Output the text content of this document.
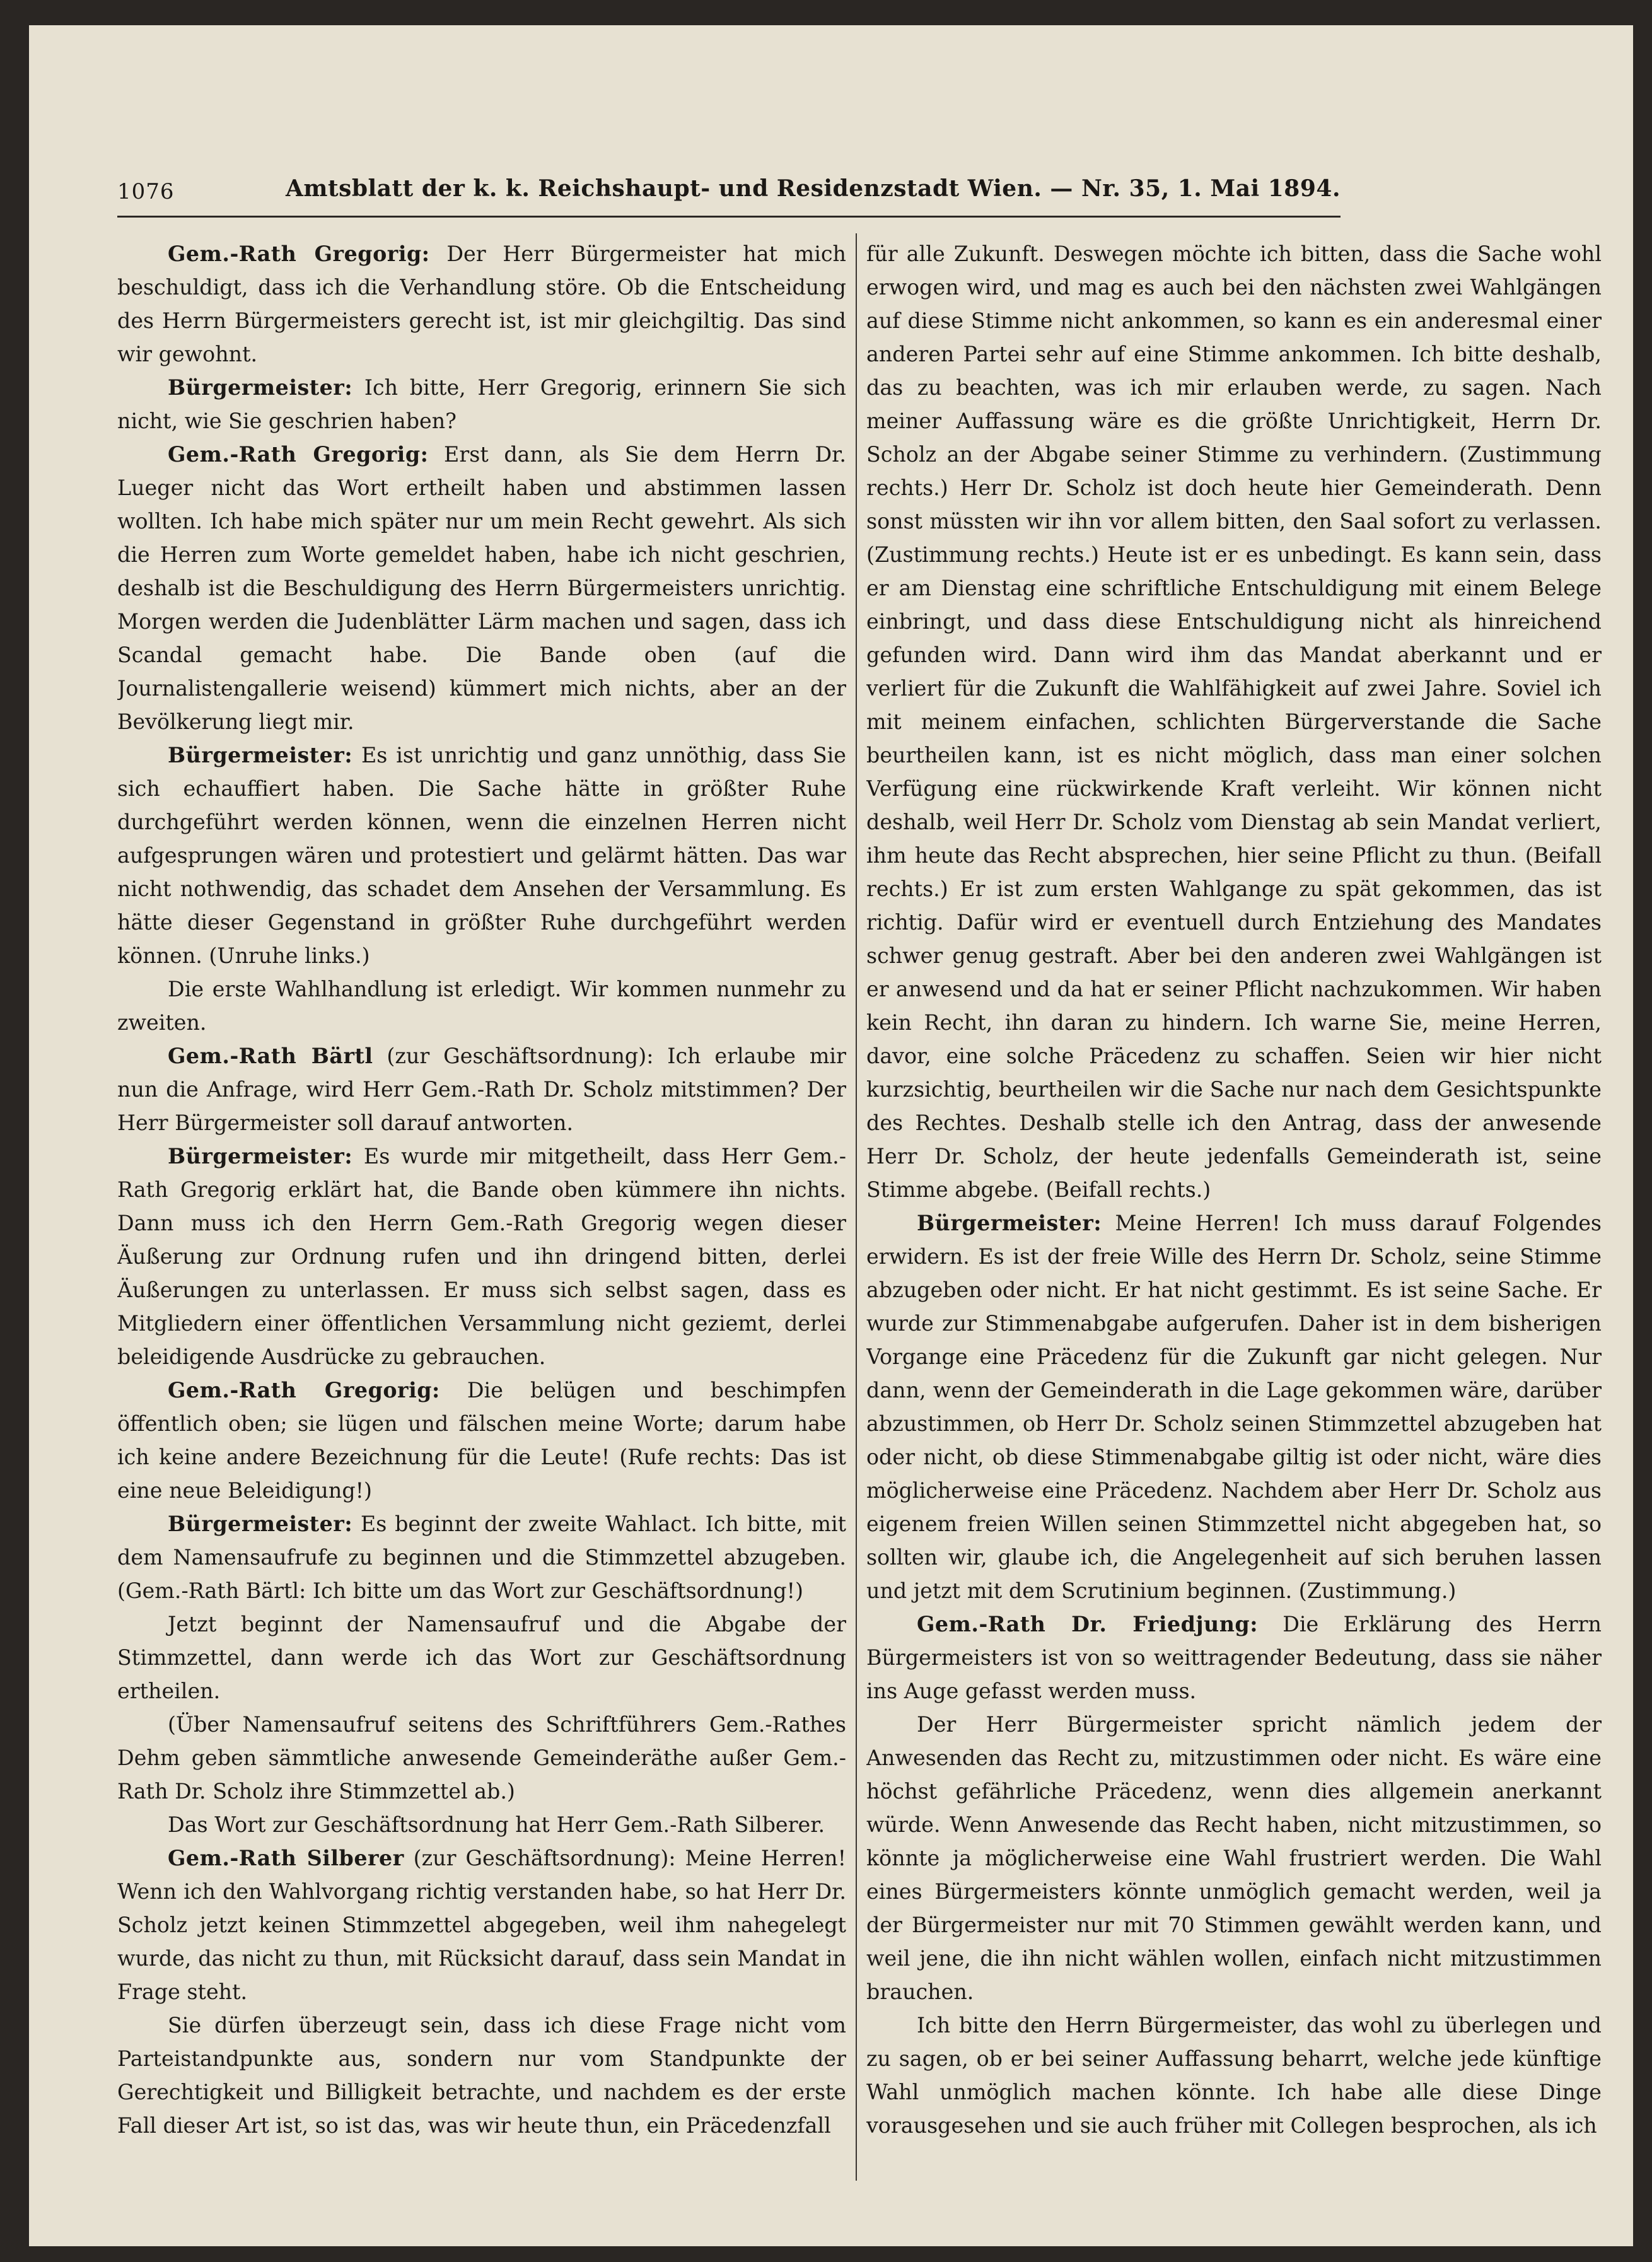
1076	Amtsblatt der k. k. Reichshaupt- und Residenzstadt Wien. — Nr. 35, 1. Mai 1894.

Gem.-Rath Gregorig: Der Herr Bürgermeister hat mich beschuldigt, dass ich die Verhandlung störe. Ob die Entscheidung des Herrn Bürgermeisters gerecht ist, ist mir gleichgiltig. Das sind wir gewohnt.

Bürgermeister: Ich bitte, Herr Gregorig, erinnern Sie sich nicht, wie Sie geschrien haben?

Gem.-Rath Gregorig: Erst dann, als Sie dem Herrn Dr. Lueger nicht das Wort ertheilt haben und abstimmen lassen wollten. Ich habe mich später nur um mein Recht gewehrt. Als sich die Herren zum Worte gemeldet haben, habe ich nicht geschrien, deshalb ist die Beschuldigung des Herrn Bürgermeisters unrichtig. Morgen werden die Judenblätter Lärm machen und sagen, dass ich Scandal gemacht habe. Die Bande oben (auf die Journalistengallerie weisend) kümmert mich nichts, aber an der Bevölkerung liegt mir.

Bürgermeister: Es ist unrichtig und ganz unnöthig, dass Sie sich echauffiert haben. Die Sache hätte in größter Ruhe durchgeführt werden können, wenn die einzelnen Herren nicht aufgesprungen wären und protestiert und gelärmt hätten. Das war nicht nothwendig, das schadet dem Ansehen der Versammlung. Es hätte dieser Gegenstand in größter Ruhe durchgeführt werden können. (Unruhe links.)

Die erste Wahlhandlung ist erledigt. Wir kommen nunmehr zu zweiten.

Gem.-Rath Bärtl (zur Geschäftsordnung): Ich erlaube mir nun die Anfrage, wird Herr Gem.-Rath Dr. Scholz mitstimmen? Der Herr Bürgermeister soll darauf antworten.

Bürgermeister: Es wurde mir mitgetheilt, dass Herr Gem.-Rath Gregorig erklärt hat, die Bande oben kümmere ihn nichts. Dann muss ich den Herrn Gem.-Rath Gregorig wegen dieser Äußerung zur Ordnung rufen und ihn dringend bitten, derlei Äußerungen zu unterlassen. Er muss sich selbst sagen, dass es Mitgliedern einer öffentlichen Versammlung nicht geziemt, derlei beleidigende Ausdrücke zu gebrauchen.

Gem.-Rath Gregorig: Die belügen und beschimpfen öffentlich oben; sie lügen und fälschen meine Worte; darum habe ich keine andere Bezeichnung für die Leute! (Rufe rechts: Das ist eine neue Beleidigung!)

Bürgermeister: Es beginnt der zweite Wahlact. Ich bitte, mit dem Namensaufrufe zu beginnen und die Stimmzettel abzugeben. (Gem.-Rath Bärtl: Ich bitte um das Wort zur Geschäftsordnung!)

Jetzt beginnt der Namensaufruf und die Abgabe der Stimmzettel, dann werde ich das Wort zur Geschäftsordnung ertheilen.

(Über Namensaufruf seitens des Schriftführers Gem.-Rathes Dehm geben sämmtliche anwesende Gemeinderäthe außer Gem.-Rath Dr. Scholz ihre Stimmzettel ab.)

Das Wort zur Geschäftsordnung hat Herr Gem.-Rath Silberer.

Gem.-Rath Silberer (zur Geschäftsordnung): Meine Herren! Wenn ich den Wahlvorgang richtig verstanden habe, so hat Herr Dr. Scholz jetzt keinen Stimmzettel abgegeben, weil ihm nahegelegt wurde, das nicht zu thun, mit Rücksicht darauf, dass sein Mandat in Frage steht.

Sie dürfen überzeugt sein, dass ich diese Frage nicht vom Parteistandpunkte aus, sondern nur vom Standpunkte der Gerechtigkeit und Billigkeit betrachte, und nachdem es der erste Fall dieser Art ist, so ist das, was wir heute thun, ein Präcedenzfall

für alle Zukunft. Deswegen möchte ich bitten, dass die Sache wohl erwogen wird, und mag es auch bei den nächsten zwei Wahlgängen auf diese Stimme nicht ankommen, so kann es ein anderesmal einer anderen Partei sehr auf eine Stimme ankommen. Ich bitte deshalb, das zu beachten, was ich mir erlauben werde, zu sagen. Nach meiner Auffassung wäre es die größte Unrichtigkeit, Herrn Dr. Scholz an der Abgabe seiner Stimme zu verhindern. (Zustimmung rechts.) Herr Dr. Scholz ist doch heute hier Gemeinderath. Denn sonst müssten wir ihn vor allem bitten, den Saal sofort zu verlassen. (Zustimmung rechts.) Heute ist er es unbedingt. Es kann sein, dass er am Dienstag eine schriftliche Entschuldigung mit einem Belege einbringt, und dass diese Entschuldigung nicht als hinreichend gefunden wird. Dann wird ihm das Mandat aberkannt und er verliert für die Zukunft die Wahlfähigkeit auf zwei Jahre. Soviel ich mit meinem einfachen, schlichten Bürgerverstande die Sache beurtheilen kann, ist es nicht möglich, dass man einer solchen Verfügung eine rückwirkende Kraft verleiht. Wir können nicht deshalb, weil Herr Dr. Scholz vom Dienstag ab sein Mandat verliert, ihm heute das Recht absprechen, hier seine Pflicht zu thun. (Beifall rechts.) Er ist zum ersten Wahlgange zu spät gekommen, das ist richtig. Dafür wird er eventuell durch Entziehung des Mandates schwer genug gestraft. Aber bei den anderen zwei Wahlgängen ist er anwesend und da hat er seiner Pflicht nachzukommen. Wir haben kein Recht, ihn daran zu hindern. Ich warne Sie, meine Herren, davor, eine solche Präcedenz zu schaffen. Seien wir hier nicht kurzsichtig, beurtheilen wir die Sache nur nach dem Gesichtspunkte des Rechtes. Deshalb stelle ich den Antrag, dass der anwesende Herr Dr. Scholz, der heute jedenfalls Gemeinderath ist, seine Stimme abgebe. (Beifall rechts.)

Bürgermeister: Meine Herren! Ich muss darauf Folgendes erwidern. Es ist der freie Wille des Herrn Dr. Scholz, seine Stimme abzugeben oder nicht. Er hat nicht gestimmt. Es ist seine Sache. Er wurde zur Stimmenabgabe aufgerufen. Daher ist in dem bisherigen Vorgange eine Präcedenz für die Zukunft gar nicht gelegen. Nur dann, wenn der Gemeinderath in die Lage gekommen wäre, darüber abzustimmen, ob Herr Dr. Scholz seinen Stimmzettel abzugeben hat oder nicht, ob diese Stimmenabgabe giltig ist oder nicht, wäre dies möglicherweise eine Präcedenz. Nachdem aber Herr Dr. Scholz aus eigenem freien Willen seinen Stimmzettel nicht abgegeben hat, so sollten wir, glaube ich, die Angelegenheit auf sich beruhen lassen und jetzt mit dem Scrutinium beginnen. (Zustimmung.)

Gem.-Rath Dr. Friedjung: Die Erklärung des Herrn Bürgermeisters ist von so weittragender Bedeutung, dass sie näher ins Auge gefasst werden muss.

Der Herr Bürgermeister spricht nämlich jedem der Anwesenden das Recht zu, mitzustimmen oder nicht. Es wäre eine höchst gefährliche Präcedenz, wenn dies allgemein anerkannt würde. Wenn Anwesende das Recht haben, nicht mitzustimmen, so könnte ja möglicherweise eine Wahl frustriert werden. Die Wahl eines Bürgermeisters könnte unmöglich gemacht werden, weil ja der Bürgermeister nur mit 70 Stimmen gewählt werden kann, und weil jene, die ihn nicht wählen wollen, einfach nicht mitzustimmen brauchen.

Ich bitte den Herrn Bürgermeister, das wohl zu überlegen und zu sagen, ob er bei seiner Auffassung beharrt, welche jede künftige Wahl unmöglich machen könnte. Ich habe alle diese Dinge vorausgesehen und sie auch früher mit Collegen besprochen, als ich
